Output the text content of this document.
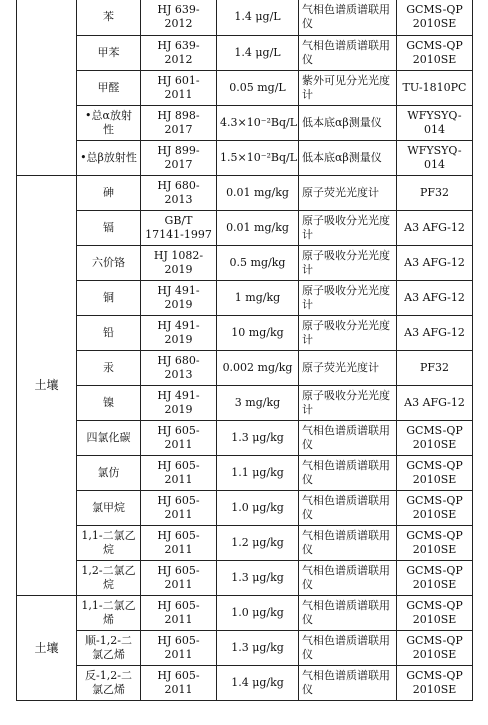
	苯	HJ 639-2012	1.4 μg/L	气相色谱质谱联用仪	GCMS-QP 2010SE
	甲苯	HJ 639-2012	1.4 μg/L	气相色谱质谱联用仪	GCMS-QP 2010SE
	甲醛	HJ 601-2011	0.05 mg/L	紫外可见分光光度计	TU-1810PC
	•总α放射性	HJ 898-2017	4.3×10⁻²Bq/L	低本底αβ测量仪	WFYSYQ-014
	•总β放射性	HJ 899-2017	1.5×10⁻²Bq/L	低本底αβ测量仪	WFYSYQ-014
土壤	砷	HJ 680-2013	0.01 mg/kg	原子荧光光度计	PF32
	镉	GB/T 17141-1997	0.01 mg/kg	原子吸收分光光度计	A3 AFG-12
	六价铬	HJ 1082-2019	0.5 mg/kg	原子吸收分光光度计	A3 AFG-12
	铜	HJ 491-2019	1 mg/kg	原子吸收分光光度计	A3 AFG-12
	铅	HJ 491-2019	10 mg/kg	原子吸收分光光度计	A3 AFG-12
	汞	HJ 680-2013	0.002 mg/kg	原子荧光光度计	PF32
	镍	HJ 491-2019	3 mg/kg	原子吸收分光光度计	A3 AFG-12
	四氯化碳	HJ 605-2011	1.3 μg/kg	气相色谱质谱联用仪	GCMS-QP 2010SE
	氯仿	HJ 605-2011	1.1 μg/kg	气相色谱质谱联用仪	GCMS-QP 2010SE
	氯甲烷	HJ 605-2011	1.0 μg/kg	气相色谱质谱联用仪	GCMS-QP 2010SE
	1,1-二氯乙烷	HJ 605-2011	1.2 μg/kg	气相色谱质谱联用仪	GCMS-QP 2010SE
	1,2-二氯乙烷	HJ 605-2011	1.3 μg/kg	气相色谱质谱联用仪	GCMS-QP 2010SE
土壤	1,1-二氯乙烯	HJ 605-2011	1.0 μg/kg	气相色谱质谱联用仪	GCMS-QP 2010SE
	顺-1,2-二氯乙烯	HJ 605-2011	1.3 μg/kg	气相色谱质谱联用仪	GCMS-QP 2010SE
	反-1,2-二氯乙烯	HJ 605-2011	1.4 μg/kg	气相色谱质谱联用仪	GCMS-QP 2010SE
